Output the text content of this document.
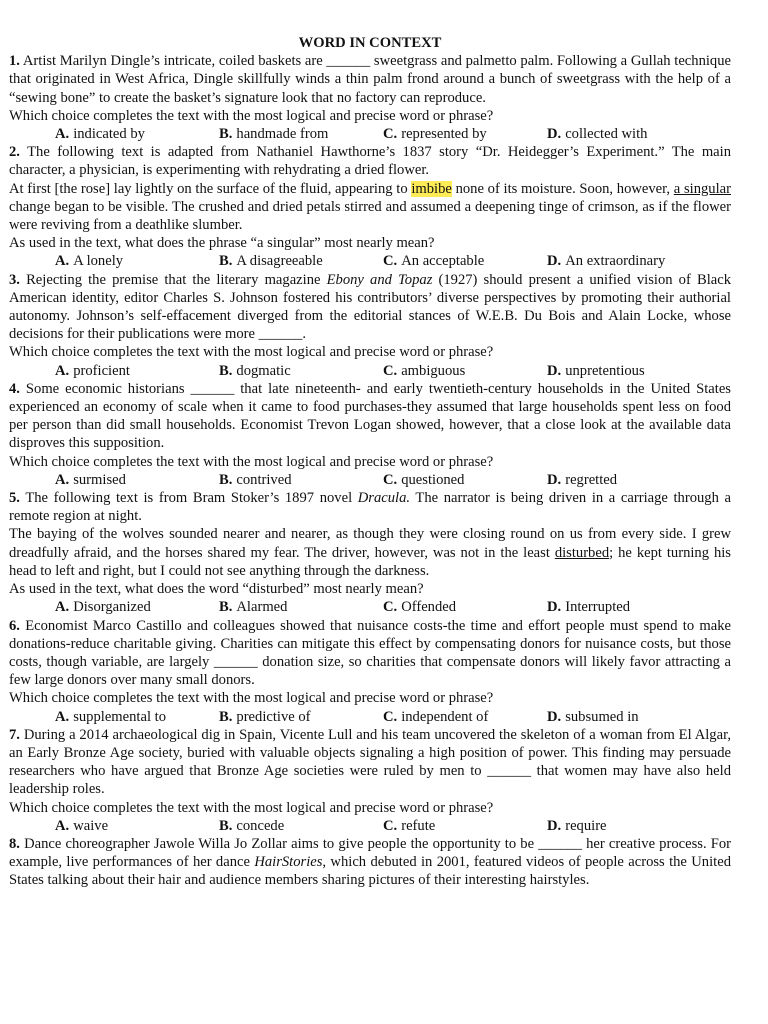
WORD IN CONTEXT

1. Artist Marilyn Dingle’s intricate, coiled baskets are ______ sweetgrass and palmetto palm. Following a Gullah technique that originated in West Africa, Dingle skillfully winds a thin palm frond around a bunch of sweetgrass with the help of a “sewing bone” to create the basket’s signature look that no factory can reproduce.

Which choice completes the text with the most logical and precise word or phrase?

A. indicated by	B. handmade from	C. represented by	D. collected with

2. The following text is adapted from Nathaniel Hawthorne’s 1837 story “Dr. Heidegger’s Experiment.” The main character, a physician, is experimenting with rehydrating a dried flower.

At first [the rose] lay lightly on the surface of the fluid, appearing to imbibe none of its moisture. Soon, however, a singular change began to be visible. The crushed and dried petals stirred and assumed a deepening tinge of crimson, as if the flower were reviving from a deathlike slumber.

As used in the text, what does the phrase “a singular” most nearly mean?

A. A lonely	B. A disagreeable	C. An acceptable	D. An extraordinary

3. Rejecting the premise that the literary magazine Ebony and Topaz (1927) should present a unified vision of Black American identity, editor Charles S. Johnson fostered his contributors’ diverse perspectives by promoting their authorial autonomy. Johnson’s self-effacement diverged from the editorial stances of W.E.B. Du Bois and Alain Locke, whose decisions for their publications were more ______.

Which choice completes the text with the most logical and precise word or phrase?

A. proficient	B. dogmatic	C. ambiguous	D. unpretentious

4. Some economic historians ______ that late nineteenth- and early twentieth-century households in the United States experienced an economy of scale when it came to food purchases-they assumed that large households spent less on food per person than did small households. Economist Trevon Logan showed, however, that a close look at the available data disproves this supposition.

Which choice completes the text with the most logical and precise word or phrase?

A. surmised	B. contrived	C. questioned	D. regretted

5. The following text is from Bram Stoker’s 1897 novel Dracula. The narrator is being driven in a carriage through a remote region at night.

The baying of the wolves sounded nearer and nearer, as though they were closing round on us from every side. I grew dreadfully afraid, and the horses shared my fear. The driver, however, was not in the least disturbed; he kept turning his head to left and right, but I could not see anything through the darkness.

As used in the text, what does the word “disturbed” most nearly mean?

A. Disorganized	B. Alarmed	C. Offended	D. Interrupted

6. Economist Marco Castillo and colleagues showed that nuisance costs-the time and effort people must spend to make donations-reduce charitable giving. Charities can mitigate this effect by compensating donors for nuisance costs, but those costs, though variable, are largely ______ donation size, so charities that compensate donors will likely favor attracting a few large donors over many small donors.

Which choice completes the text with the most logical and precise word or phrase?

A. supplemental to	B. predictive of	C. independent of	D. subsumed in

7. During a 2014 archaeological dig in Spain, Vicente Lull and his team uncovered the skeleton of a woman from El Algar, an Early Bronze Age society, buried with valuable objects signaling a high position of power. This finding may persuade researchers who have argued that Bronze Age societies were ruled by men to ______ that women may have also held leadership roles.

Which choice completes the text with the most logical and precise word or phrase?

A. waive	B. concede	C. refute	D. require

8. Dance choreographer Jawole Willa Jo Zollar aims to give people the opportunity to be ______ her creative process. For example, live performances of her dance HairStories, which debuted in 2001, featured videos of people across the United States talking about their hair and audience members sharing pictures of their interesting hairstyles.
